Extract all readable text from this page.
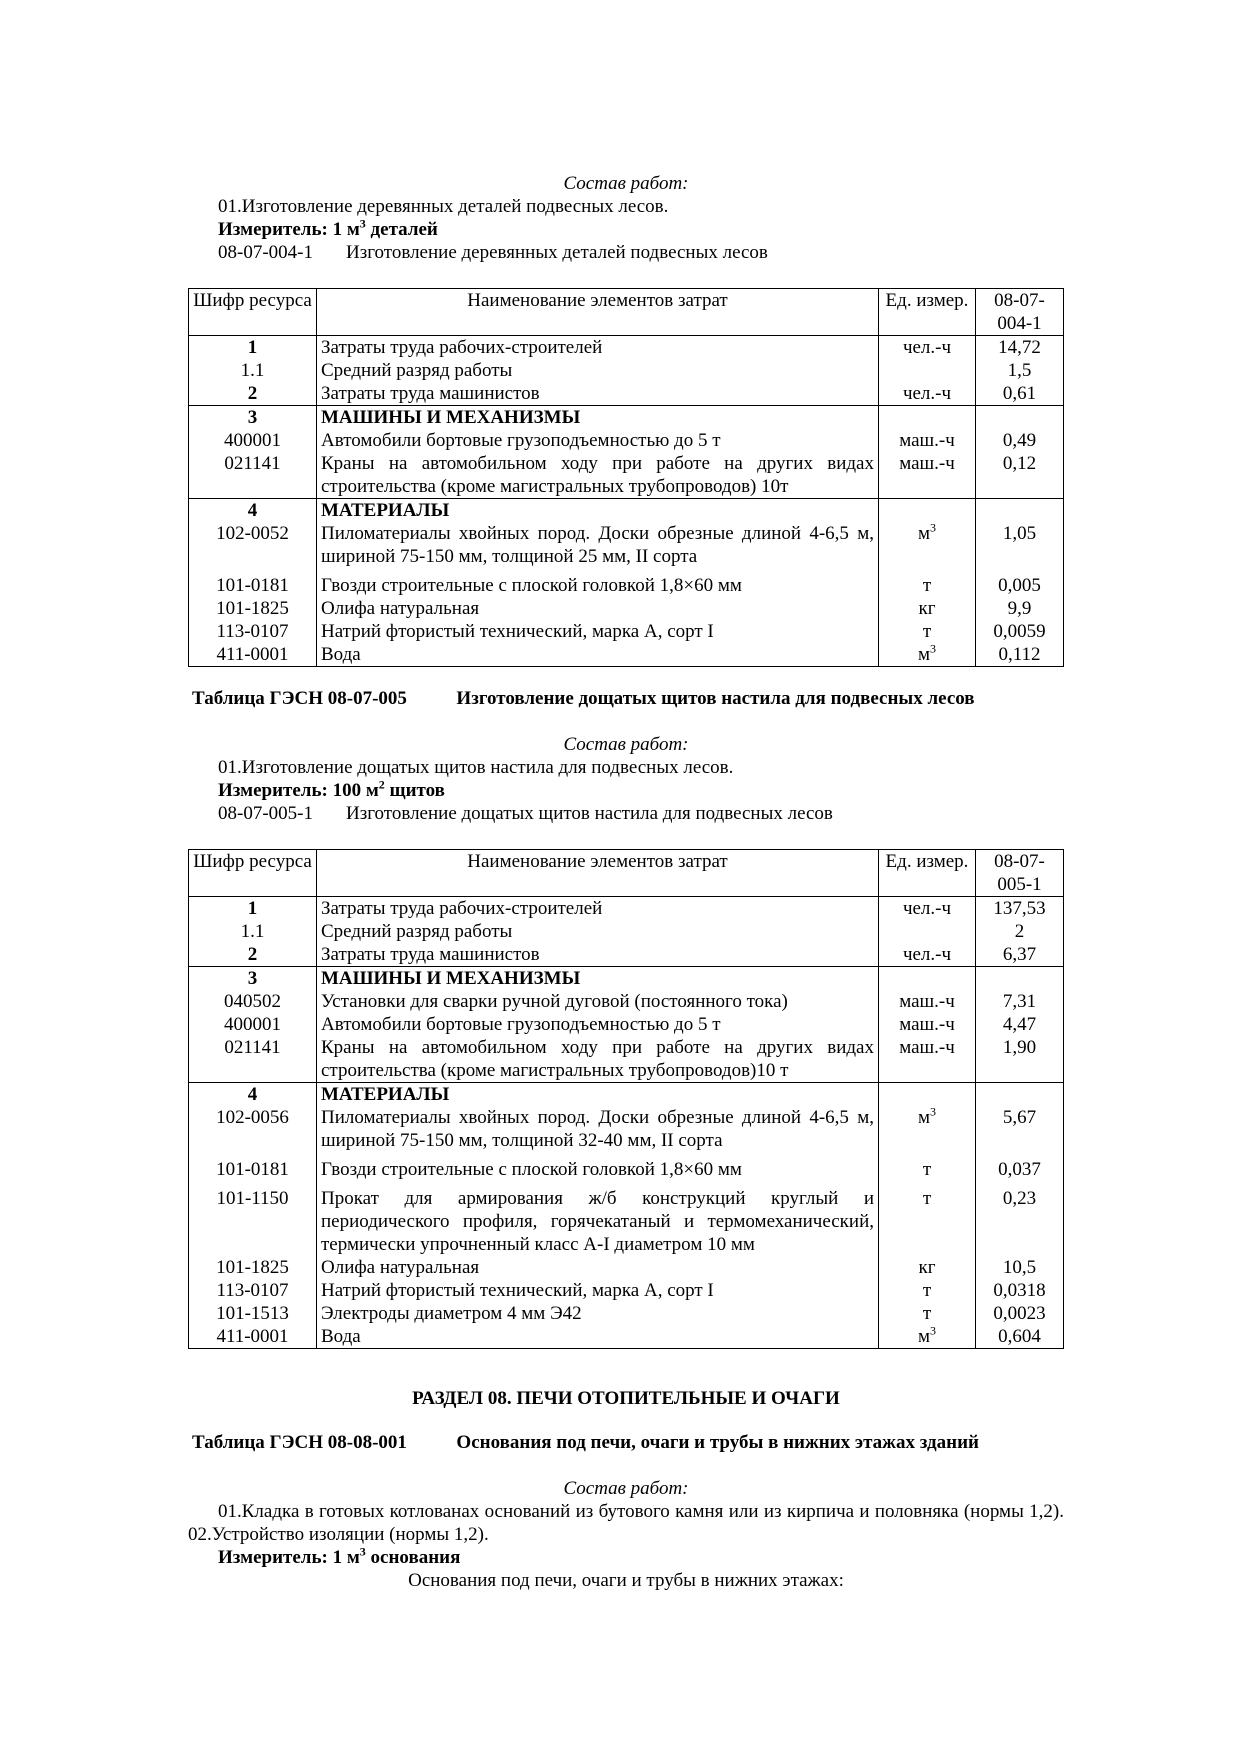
Состав работ:
01.Изготовление деревянных деталей подвесных лесов.
Измеритель: 1 $м^3$ деталей
08-07-004-1 Изготовление деревянных деталей подвесных лесов
Шифр ресурса	Наименование элементов затрат	Ед. измер.	08-07-004-1
1	Затраты труда рабочих-строителей	чел.-ч	14,72
1.1	Средний разряд работы		1,5
2	Затраты труда машинистов	чел.-ч	0,61
3	МАШИНЫ И МЕХАНИЗМЫ		
400001	Автомобили бортовые грузоподъемностью до 5 т	маш.-ч	0,49
021141	Краны на автомобильном ходу при работе на других видах строительства (кроме магистральных трубопроводов) 10т	маш.-ч	0,12
4	МАТЕРИАЛЫ		
102-0052	Пиломатериалы хвойных пород. Доски обрезные длиной 4-6,5 м, шириной 75-150 мм, толщиной 25 мм, II сорта	$м^3$	1,05
101-0181	Гвозди строительные с плоской головкой 1,8×60 мм	т	0,005
101-1825	Олифа натуральная	кг	9,9
113-0107	Натрий фтористый технический, марка А, сорт I	т	0,0059
411-0001	Вода	$м^3$	0,112
Таблица ГЭСН 08-07-005	Изготовление дощатых щитов настила для подвесных лесов
Состав работ:
01.Изготовление дощатых щитов настила для подвесных лесов.
Измеритель: 100 $м^2$ щитов
08-07-005-1 Изготовление дощатых щитов настила для подвесных лесов
Шифр ресурса	Наименование элементов затрат	Ед. измер.	08-07-005-1
1	Затраты труда рабочих-строителей	чел.-ч	137,53
1.1	Средний разряд работы		2
2	Затраты труда машинистов	чел.-ч	6,37
3	МАШИНЫ И МЕХАНИЗМЫ		
040502	Установки для сварки ручной дуговой (постоянного тока)	маш.-ч	7,31
400001	Автомобили бортовые грузоподъемностью до 5 т	маш.-ч	4,47
021141	Краны на автомобильном ходу при работе на других видах строительства (кроме магистральных трубопроводов)10 т	маш.-ч	1,90
4	МАТЕРИАЛЫ		
102-0056	Пиломатериалы хвойных пород. Доски обрезные длиной 4-6,5 м, шириной 75-150 мм, толщиной 32-40 мм, II сорта	$м^3$	5,67
101-0181	Гвозди строительные с плоской головкой 1,8×60 мм	т	0,037
101-1150	Прокат для армирования ж/б конструкций круглый и периодического профиля, горячекатаный и термомеханический, термически упрочненный класс А-I диаметром 10 мм	т	0,23
101-1825	Олифа натуральная	кг	10,5
113-0107	Натрий фтористый технический, марка А, сорт I	т	0,0318
101-1513	Электроды диаметром 4 мм Э42	т	0,0023
411-0001	Вода	$м^3$	0,604
РАЗДЕЛ 08. ПЕЧИ ОТОПИТЕЛЬНЫЕ И ОЧАГИ
Таблица ГЭСН 08-08-001	Основания под печи, очаги и трубы в нижних этажах зданий
Состав работ:
01.Кладка в готовых котлованах оснований из бутового камня или из кирпича и половняка (нормы 1,2). 02.Устройство изоляции (нормы 1,2).
Измеритель: 1 $м^3$ основания
Основания под печи, очаги и трубы в нижних этажах:
